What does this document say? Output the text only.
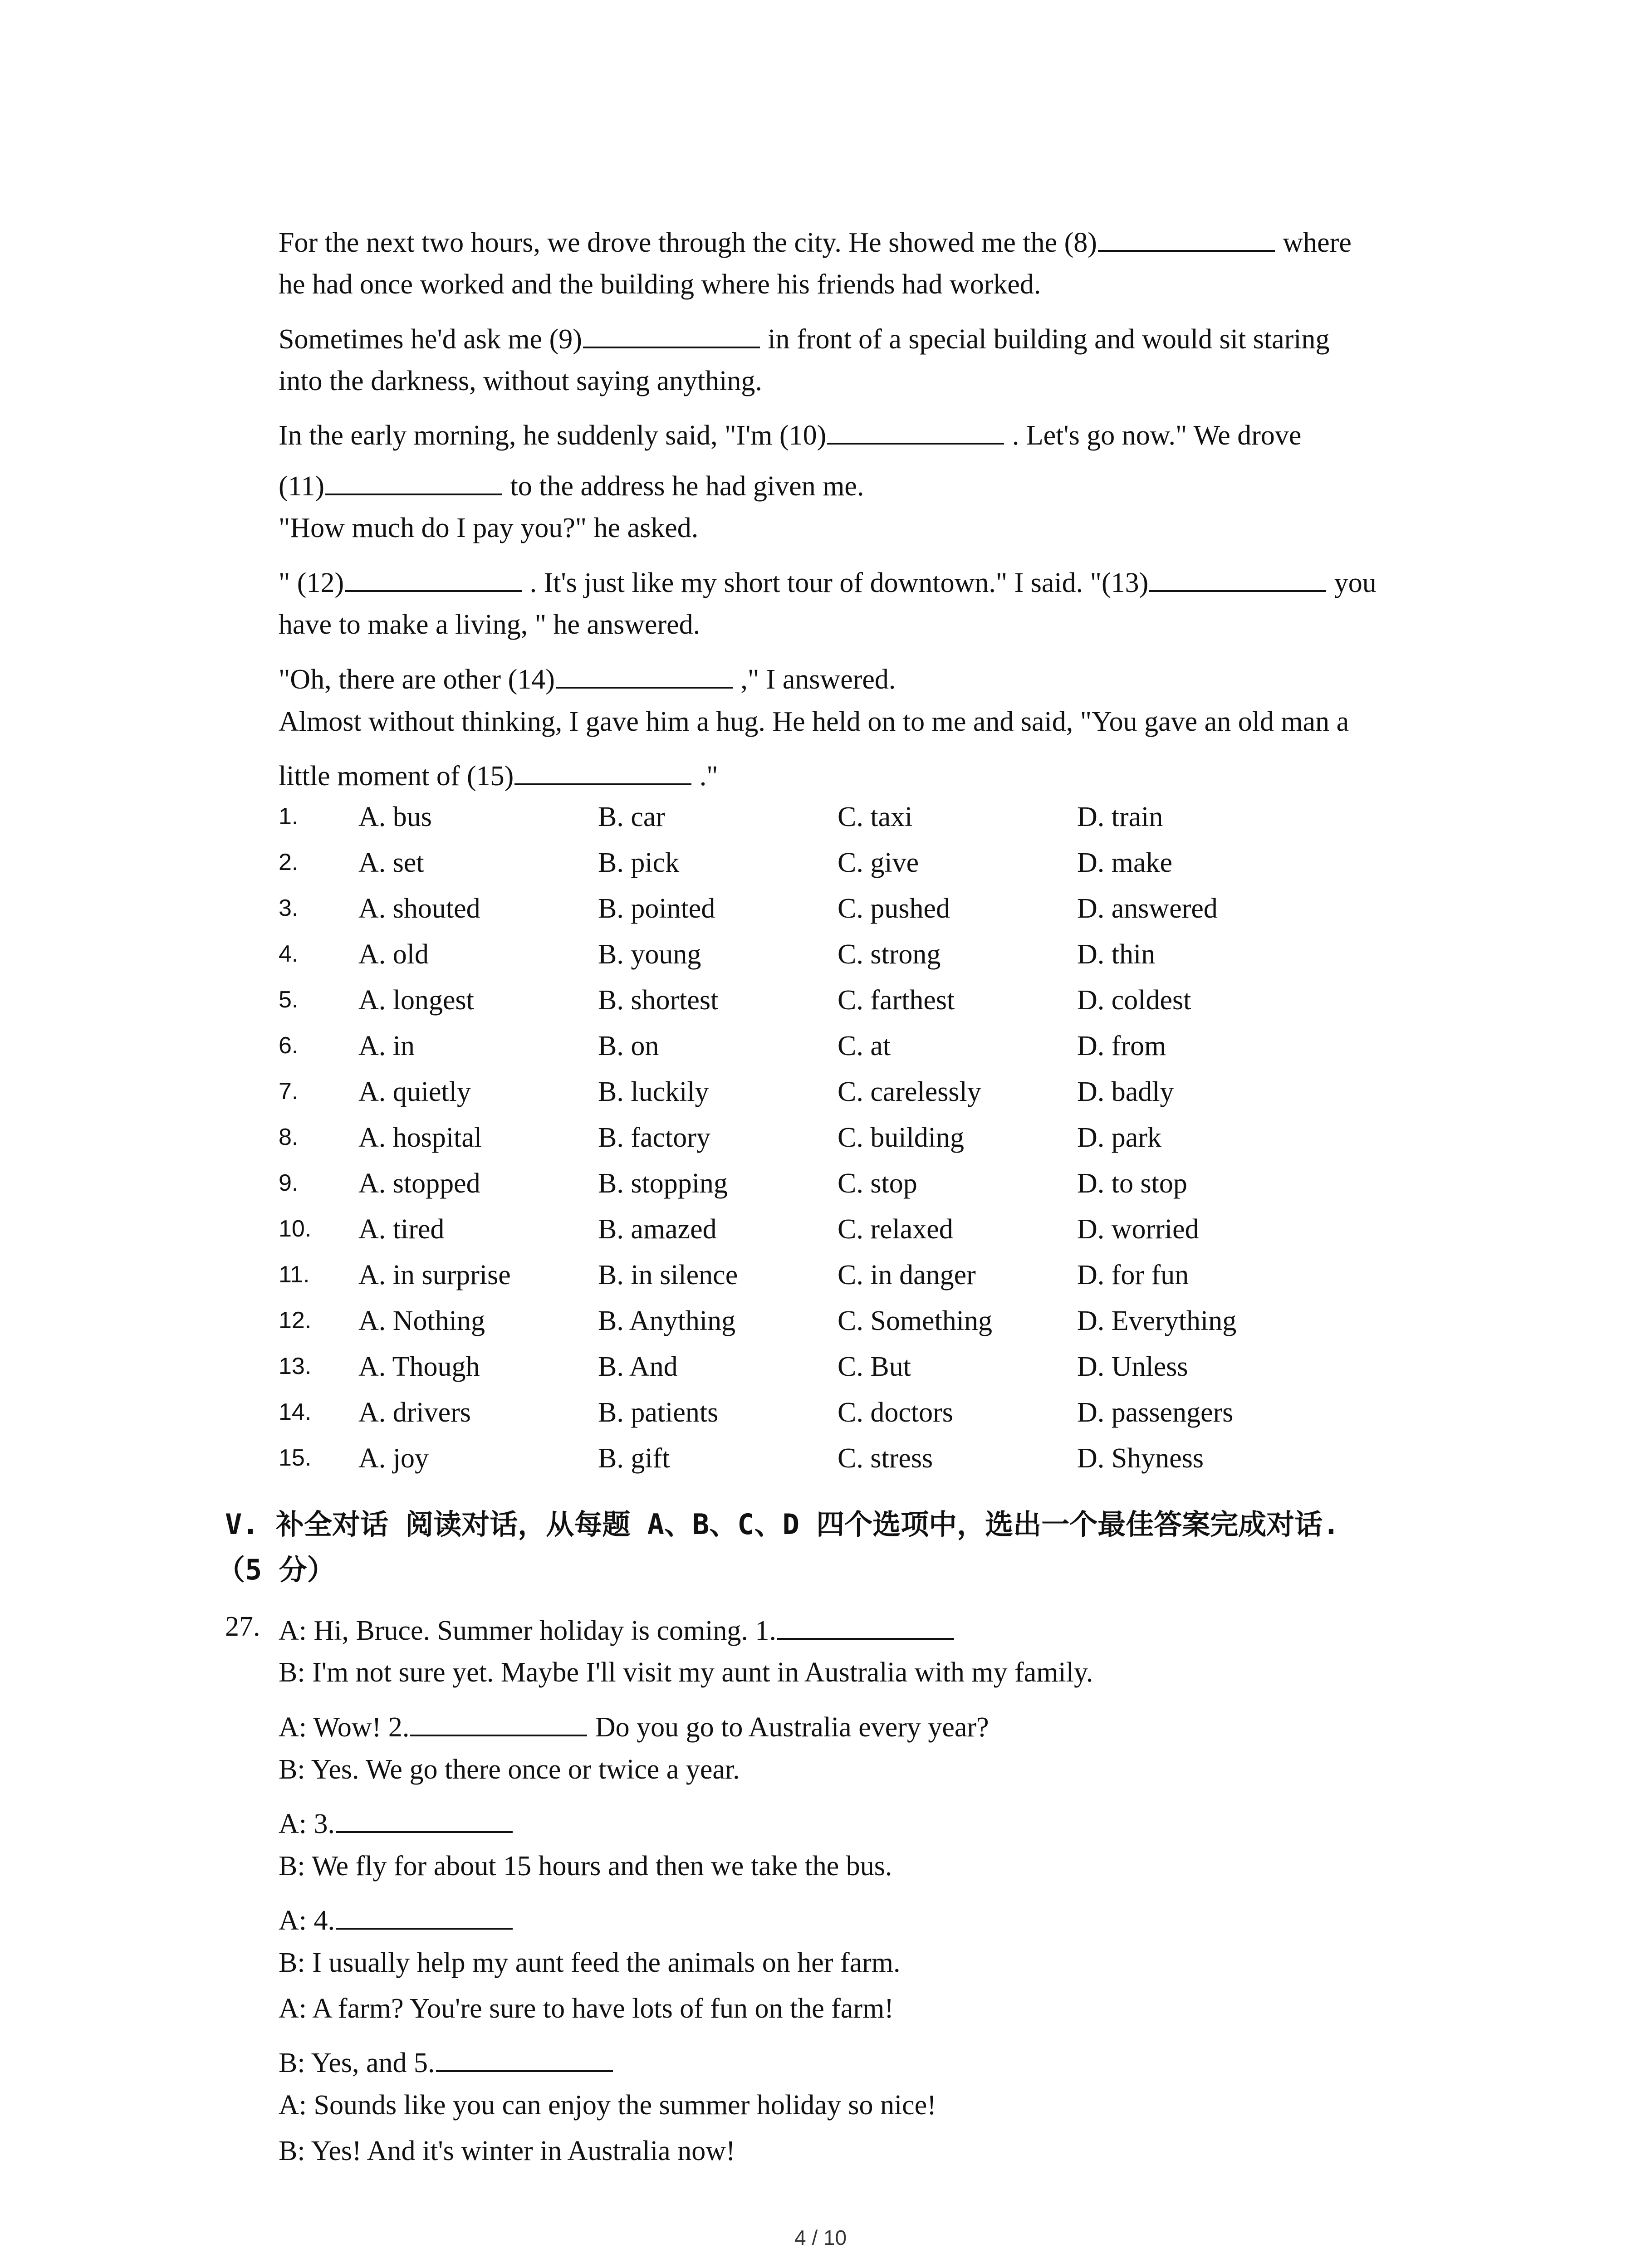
For the next two hours, we drove through the city. He showed me the (8)	where
he had once worked and the building where his friends had worked.
Sometimes he'd ask me (9)	in front of a special building and would sit staring
into the darkness, without saying anything.
In the early morning, he suddenly said, "I'm (10)	. Let's go now." We drove
(11)	to the address he had given me.
"How much do I pay you?" he asked.
" (12)	. It's just like my short tour of downtown." I said. "(13)	you
have to make a living, " he answered.
"Oh, there are other (14)	," I answered.
Almost without thinking, I gave him a hug. He held on to me and said, "You gave an old man a
little moment of (15)	."
1. A. bus	B. car	C. taxi	D. train
2. A. set	B. pick	C. give	D. make
3. A. shouted	B. pointed	C. pushed	D. answered
4. A. old	B. young	C. strong	D. thin
5. A. longest	B. shortest	C. farthest	D. coldest
6. A. in	B. on	C. at	D. from
7. A. quietly	B. luckily	C. carelessly	D. badly
8. A. hospital	B. factory	C. building	D. park
9. A. stopped	B. stopping	C. stop	D. to stop
10. A. tired	B. amazed	C. relaxed	D. worried
11. A. in surprise	B. in silence	C. in danger	D. for fun
12. A. Nothing	B. Anything	C. Something	D. Everything
13. A. Though	B. And	C. But	D. Unless
14. A. drivers	B. patients	C. doctors	D. passengers
15. A. joy	B. gift	C. stress	D. Shyness
V. 补全对话 阅读对话，从每题 A、B、C、D 四个选项中，选出一个最佳答案完成对话.
（5 分）
27. A: Hi, Bruce. Summer holiday is coming. 1.
B: I'm not sure yet. Maybe I'll visit my aunt in Australia with my family.
A: Wow! 2.	Do you go to Australia every year?
B: Yes. We go there once or twice a year.
A: 3.
B: We fly for about 15 hours and then we take the bus.
A: 4.
B: I usually help my aunt feed the animals on her farm.
A: A farm? You're sure to have lots of fun on the farm!
B: Yes, and 5.
A: Sounds like you can enjoy the summer holiday so nice!
B: Yes! And it's winter in Australia now!
4 / 10
